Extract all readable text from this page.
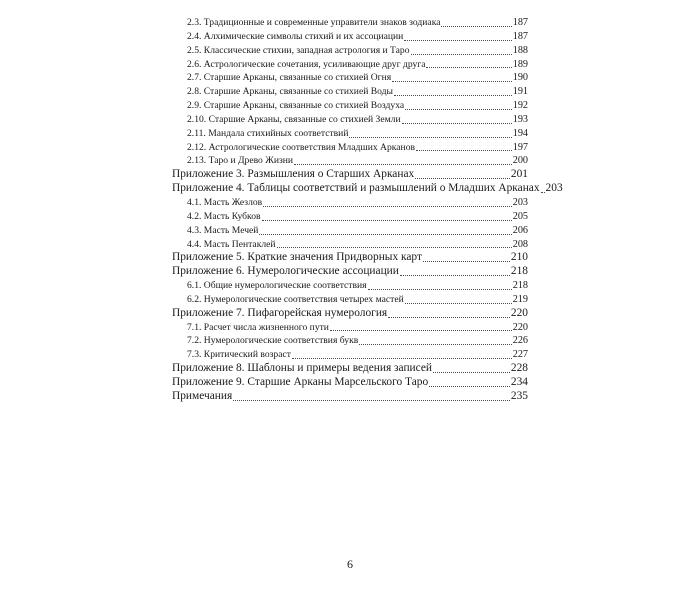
2.3. Традиционные и современные управители знаков зодиака	187
2.4. Алхимические символы стихий и их ассоциации	187
2.5. Классические стихии, западная астрология и Таро	188
2.6. Астрологические сочетания, усиливающие друг друга	189
2.7. Старшие Арканы, связанные со стихией Огня	190
2.8. Старшие Арканы, связанные со стихией Воды	191
2.9. Старшие Арканы, связанные со стихией Воздуха	192
2.10. Старшие Арканы, связанные со стихией Земли	193
2.11. Мандала стихийных соответствий	194
2.12. Астрологические соответствия Младших Арканов	197
2.13. Таро и Древо Жизни	200
Приложение 3. Размышления о Старших Арканах	201
Приложение 4. Таблицы соответствий и размышлений о Младших Арканах 203
4.1. Масть Жезлов	203
4.2. Масть Кубков	205
4.3. Масть Мечей	206
4.4. Масть Пентаклей	208
Приложение 5. Краткие значения Придворных карт	210
Приложение 6. Нумерологические ассоциации	218
6.1. Общие нумерологические соответствия	218
6.2. Нумерологические соответствия четырех мастей	219
Приложение 7. Пифагорейская нумерология	220
7.1. Расчет числа жизненного пути	220
7.2. Нумерологические соответствия букв	226
7.3. Критический возраст	227
Приложение 8. Шаблоны и примеры ведения записей	228
Приложение 9. Старшие Арканы Марсельского Таро	234
Примечания	235
6
